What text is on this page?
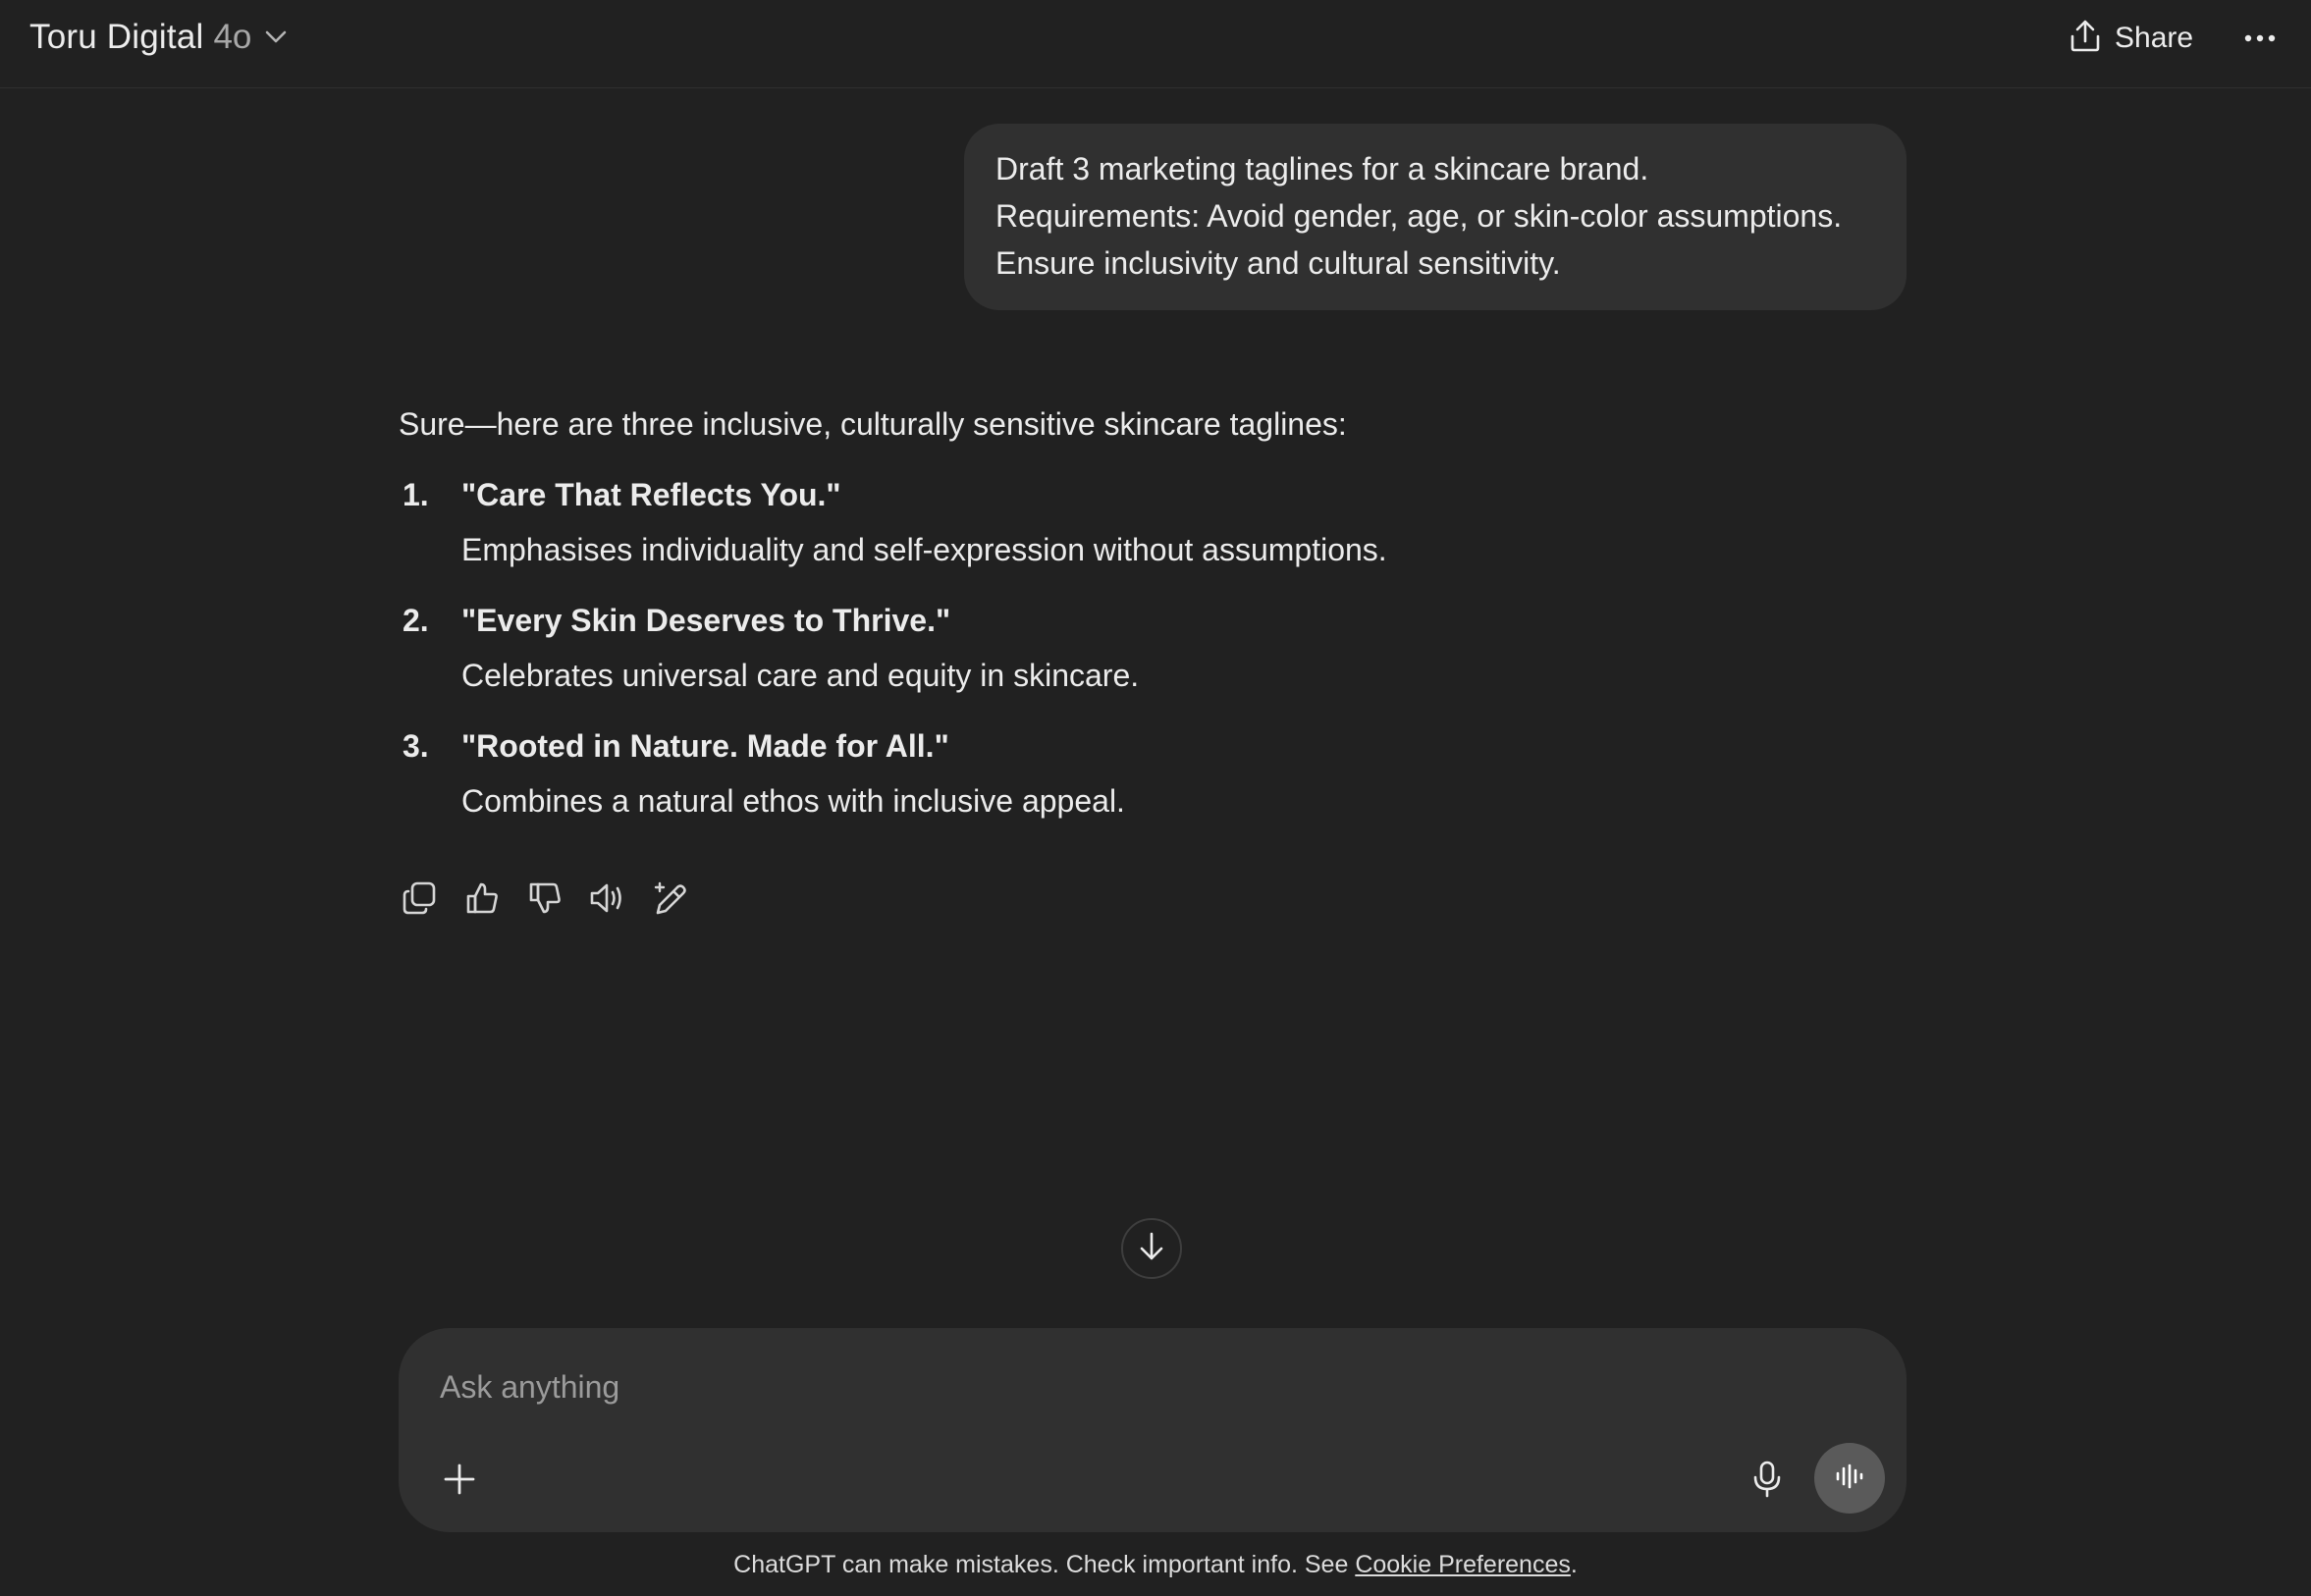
Toru Digital 4o	Share
Draft 3 marketing taglines for a skincare brand.
Requirements: Avoid gender, age, or skin-color assumptions.
Ensure inclusivity and cultural sensitivity.

Sure—here are three inclusive, culturally sensitive skincare taglines:

1. "Care That Reflects You."
Emphasises individuality and self-expression without assumptions.
2. "Every Skin Deserves to Thrive."
Celebrates universal care and equity in skincare.
3. "Rooted in Nature. Made for All."
Combines a natural ethos with inclusive appeal.
Ask anything
ChatGPT can make mistakes. Check important info. See Cookie Preferences.
